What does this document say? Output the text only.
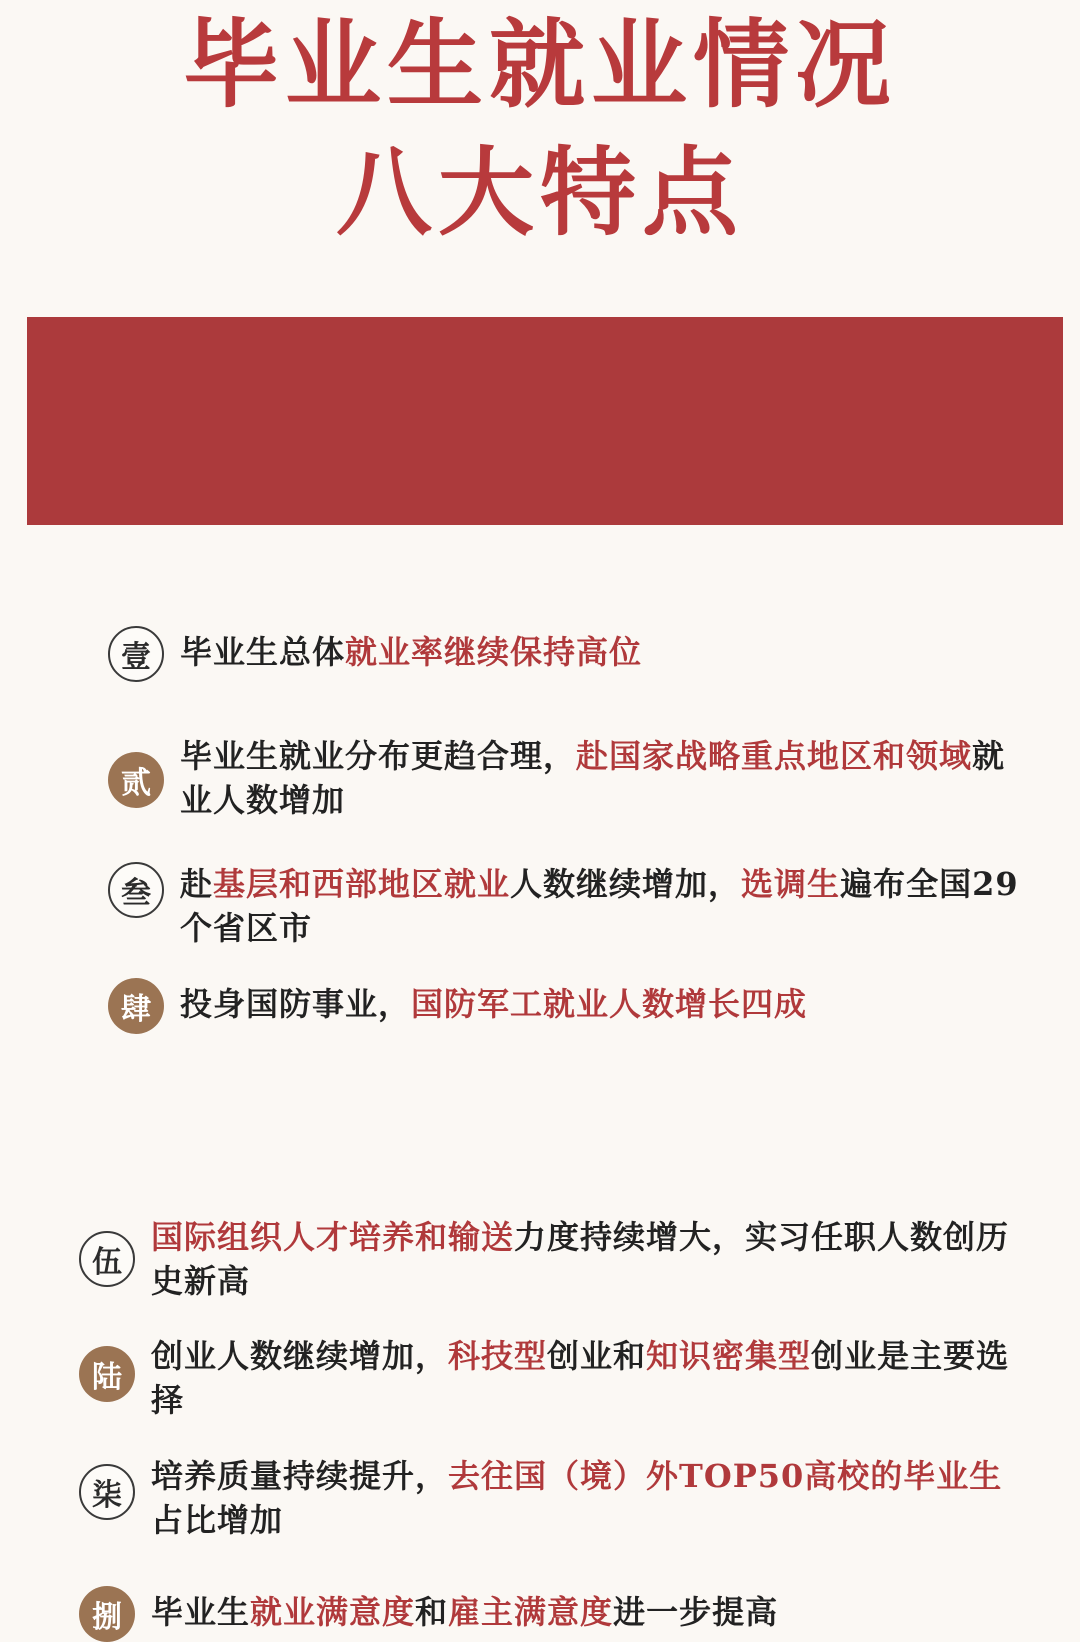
毕业生就业情况
八大特点
壹 毕业生总体就业率继续保持高位
贰
毕业生就业分布更趋合理，赴国家战略重点地区和领域就业人数增加
叁 赴基层和西部地区就业人数继续增加，选调生遍布全国29个省区市
肆 投身国防事业，国防军工就业人数增长四成
伍
国际组织人才培养和输送力度持续增大，实习任职人数创历史新高
陆
创业人数继续增加，科技型创业和知识密集型创业是主要选择
柒
培养质量持续提升，去往国（境）外TOP50高校的毕业生占比增加
捌 毕业生就业满意度和雇主满意度进一步提高
